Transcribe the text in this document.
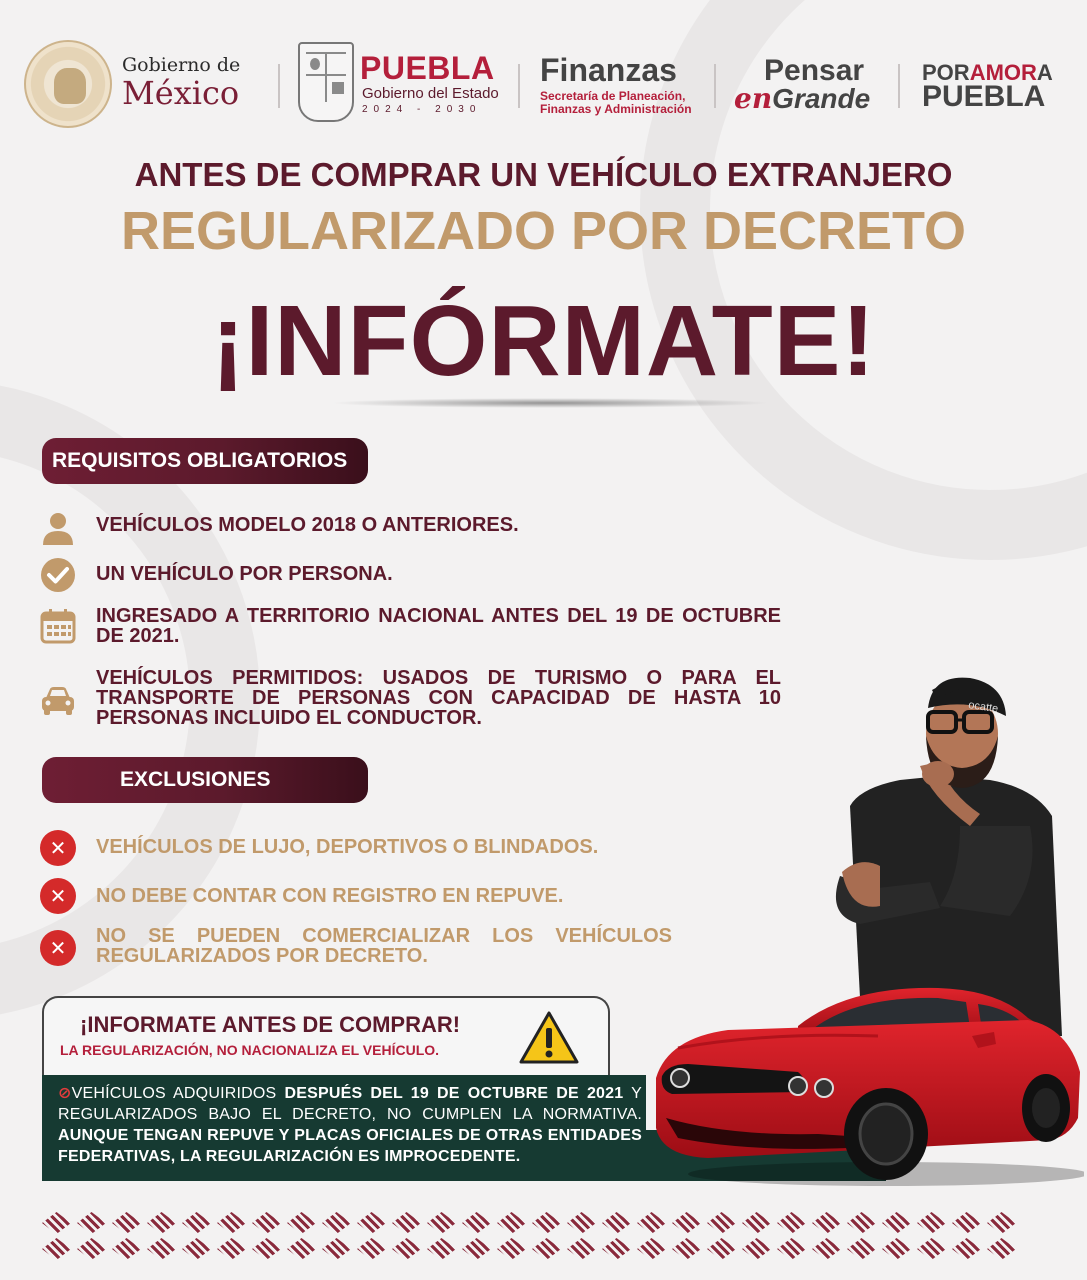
Gobierno de
México
PUEBLA
Gobierno del Estado
2024 - 2030
Finanzas
Secretaría de Planeación, Finanzas y Administración
Pensar
enGrande
PORAMORA
PUEBLA
ANTES DE COMPRAR UN VEHÍCULO EXTRANJERO
REGULARIZADO POR DECRETO
¡INFÓRMATE!
REQUISITOS OBLIGATORIOS
VEHÍCULOS MODELO 2018 O ANTERIORES.
UN VEHÍCULO POR PERSONA.
INGRESADO A TERRITORIO NACIONAL ANTES DEL 19 DE OCTUBRE DE 2021.
VEHÍCULOS PERMITIDOS: USADOS DE TURISMO O PARA EL TRANSPORTE DE PERSONAS CON CAPACIDAD DE HASTA 10 PERSONAS INCLUIDO EL CONDUCTOR.
EXCLUSIONES
✕	VEHÍCULOS DE LUJO, DEPORTIVOS O BLINDADOS.
✕	NO DEBE CONTAR CON REGISTRO EN REPUVE.
✕
NO SE PUEDEN COMERCIALIZAR LOS VEHÍCULOS REGULARIZADOS POR DECRETO.
¡INFORMATE ANTES DE COMPRAR!
LA REGULARIZACIÓN, NO NACIONALIZA EL VEHÍCULO.

⊘VEHÍCULOS ADQUIRIDOS DESPUÉS DEL 19 DE OCTUBRE DE 2021 Y REGULARIZADOS BAJO EL DECRETO, NO CUMPLEN LA NORMATIVA. AUNQUE TENGAN REPUVE Y PLACAS OFICIALES DE OTRAS ENTIDADES FEDERATIVAS, LA REGULARIZACIÓN ES IMPROCEDENTE.

ocatte
